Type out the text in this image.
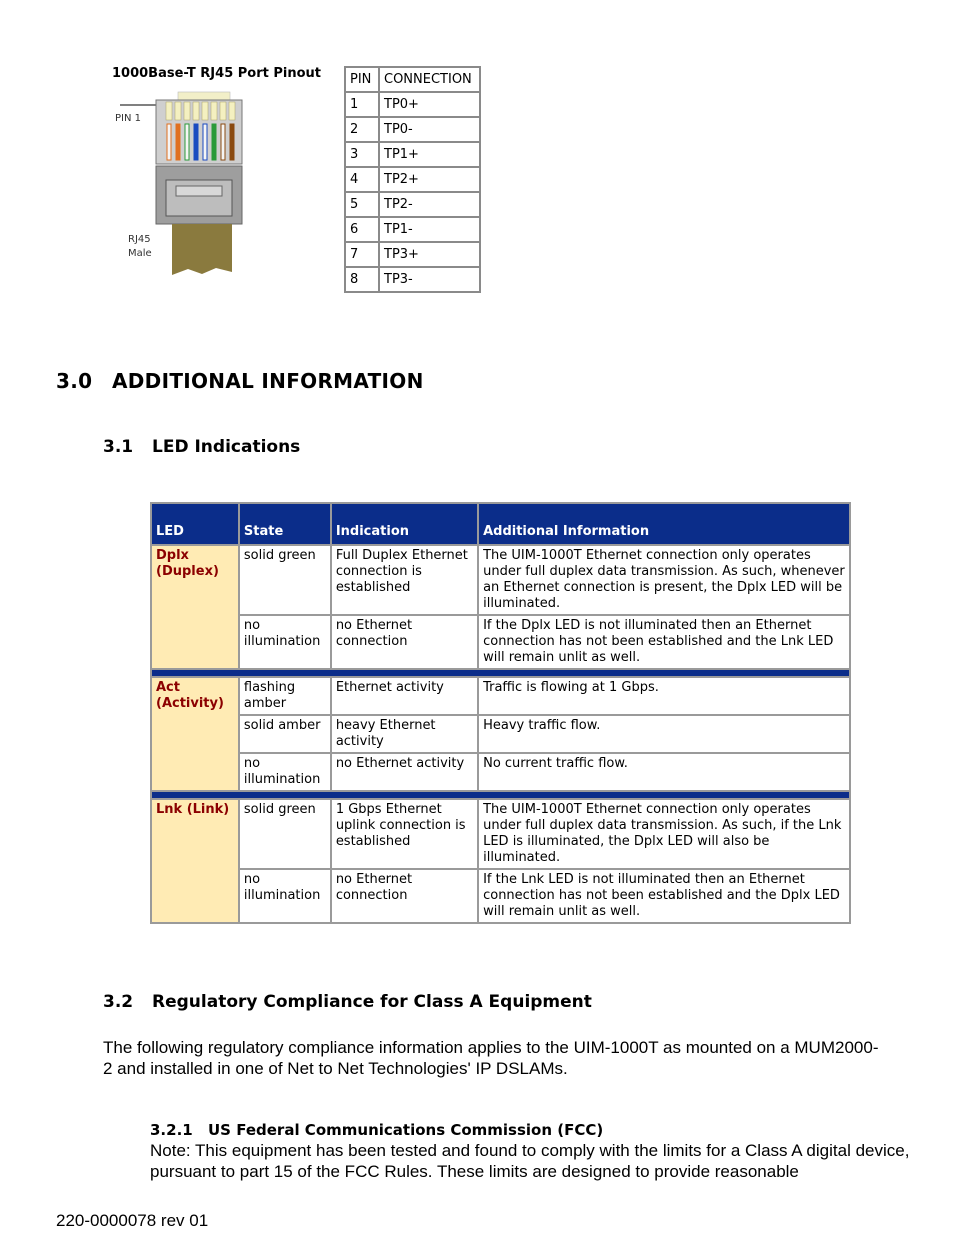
1000Base-T RJ45 Port Pinout
PIN 1
RJ45
Male
PIN	CONNECTION
1	TP0+
2	TP0-
3	TP1+
4	TP2+
5	TP2-
6	TP1-
7	TP3+
8	TP3-
3.0 ADDITIONAL INFORMATION
3.1 LED Indications
LED	State	Indication	Additional Information

Dplx
(Duplex)	solid green	Full Duplex Ethernet connection is established	The UIM-1000T Ethernet connection only operates under full duplex data transmission. As such, whenever an Ethernet connection is present, the Dplx LED will be illuminated.
	no illumination	no Ethernet connection	If the Dplx LED is not illuminated then an Ethernet connection has not been established and the Lnk LED will remain unlit as well.

Act
(Activity)	flashing amber	Ethernet activity	Traffic is flowing at 1 Gbps.
	solid amber	heavy Ethernet activity	Heavy traffic flow.
	no illumination	no Ethernet activity	No current traffic flow.

Lnk (Link)	solid green	1 Gbps Ethernet uplink connection is established	The UIM-1000T Ethernet connection only operates under full duplex data transmission. As such, if the Lnk LED is illuminated, the Dplx LED will also be illuminated.
	no illumination	no Ethernet connection	If the Lnk LED is not illuminated then an Ethernet connection has not been established and the Dplx LED will remain unlit as well.
3.2 Regulatory Compliance for Class A Equipment
The following regulatory compliance information applies to the UIM-1000T as mounted on a MUM2000-2 and installed in one of Net to Net Technologies' IP DSLAMs.
3.2.1 US Federal Communications Commission (FCC)
Note: This equipment has been tested and found to comply with the limits for a Class A digital device, pursuant to part 15 of the FCC Rules. These limits are designed to provide reasonable
220-0000078 rev 01
